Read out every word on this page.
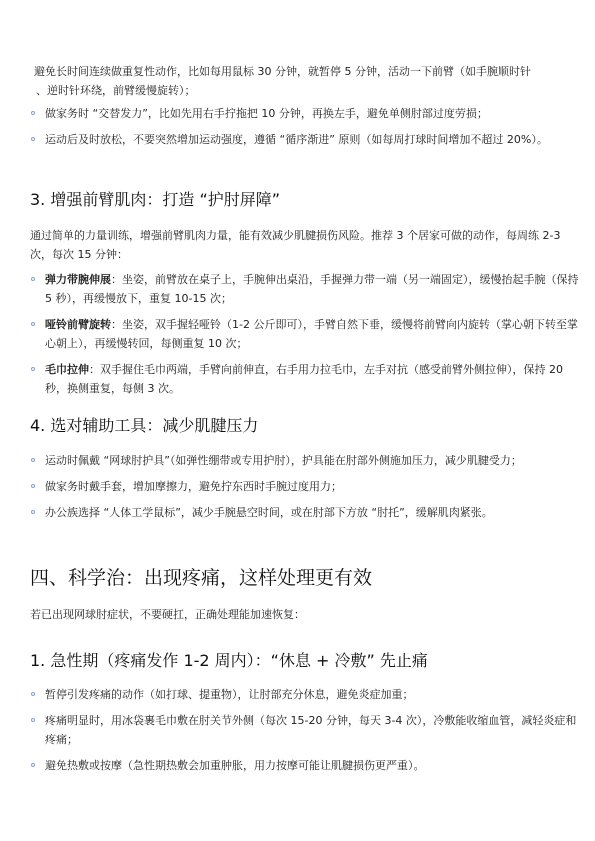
避免长时间连续做重复性动作，比如每用鼠标 30 分钟，就暂停 5 分钟，活动一下前臂（如手腕顺时针

、逆时针环绕，前臂缓慢旋转）；

做家务时 “交替发力”，比如先用右手拧拖把 10 分钟，再换左手，避免单侧肘部过度劳损；
运动后及时放松，不要突然增加运动强度，遵循 “循序渐进” 原则（如每周打球时间增加不超过 20%）。
3. 增强前臂肌肉：打造 “护肘屏障”

通过简单的力量训练，增强前臂肌肉力量，能有效减少肌腱损伤风险。推荐 3 个居家可做的动作，每周练 2-3 次，每次 15 分钟：

弹力带腕伸展：坐姿，前臂放在桌子上，手腕伸出桌沿，手握弹力带一端（另一端固定），缓慢抬起手腕（保持 5 秒），再缓慢放下，重复 10-15 次；
哑铃前臂旋转：坐姿，双手握轻哑铃（1-2 公斤即可），手臂自然下垂，缓慢将前臂向内旋转（掌心朝下转至掌心朝上），再缓慢转回，每侧重复 10 次；
毛巾拉伸：双手握住毛巾两端，手臂向前伸直，右手用力拉毛巾，左手对抗（感受前臂外侧拉伸），保持 20 秒，换侧重复，每侧 3 次。
4. 选对辅助工具：减少肌腱压力
运动时佩戴 “网球肘护具”（如弹性绷带或专用护肘），护具能在肘部外侧施加压力，减少肌腱受力；
做家务时戴手套，增加摩擦力，避免拧东西时手腕过度用力；
办公族选择 “人体工学鼠标”，减少手腕悬空时间，或在肘部下方放 “肘托”，缓解肌肉紧张。
四、科学治：出现疼痛，这样处理更有效

若已出现网球肘症状，不要硬扛，正确处理能加速恢复：

1. 急性期（疼痛发作 1-2 周内）：“休息 + 冷敷” 先止痛
暂停引发疼痛的动作（如打球、提重物），让肘部充分休息，避免炎症加重；
疼痛明显时，用冰袋裹毛巾敷在肘关节外侧（每次 15-20 分钟，每天 3-4 次），冷敷能收缩血管，减轻炎症和疼痛；
避免热敷或按摩（急性期热敷会加重肿胀，用力按摩可能让肌腱损伤更严重）。
